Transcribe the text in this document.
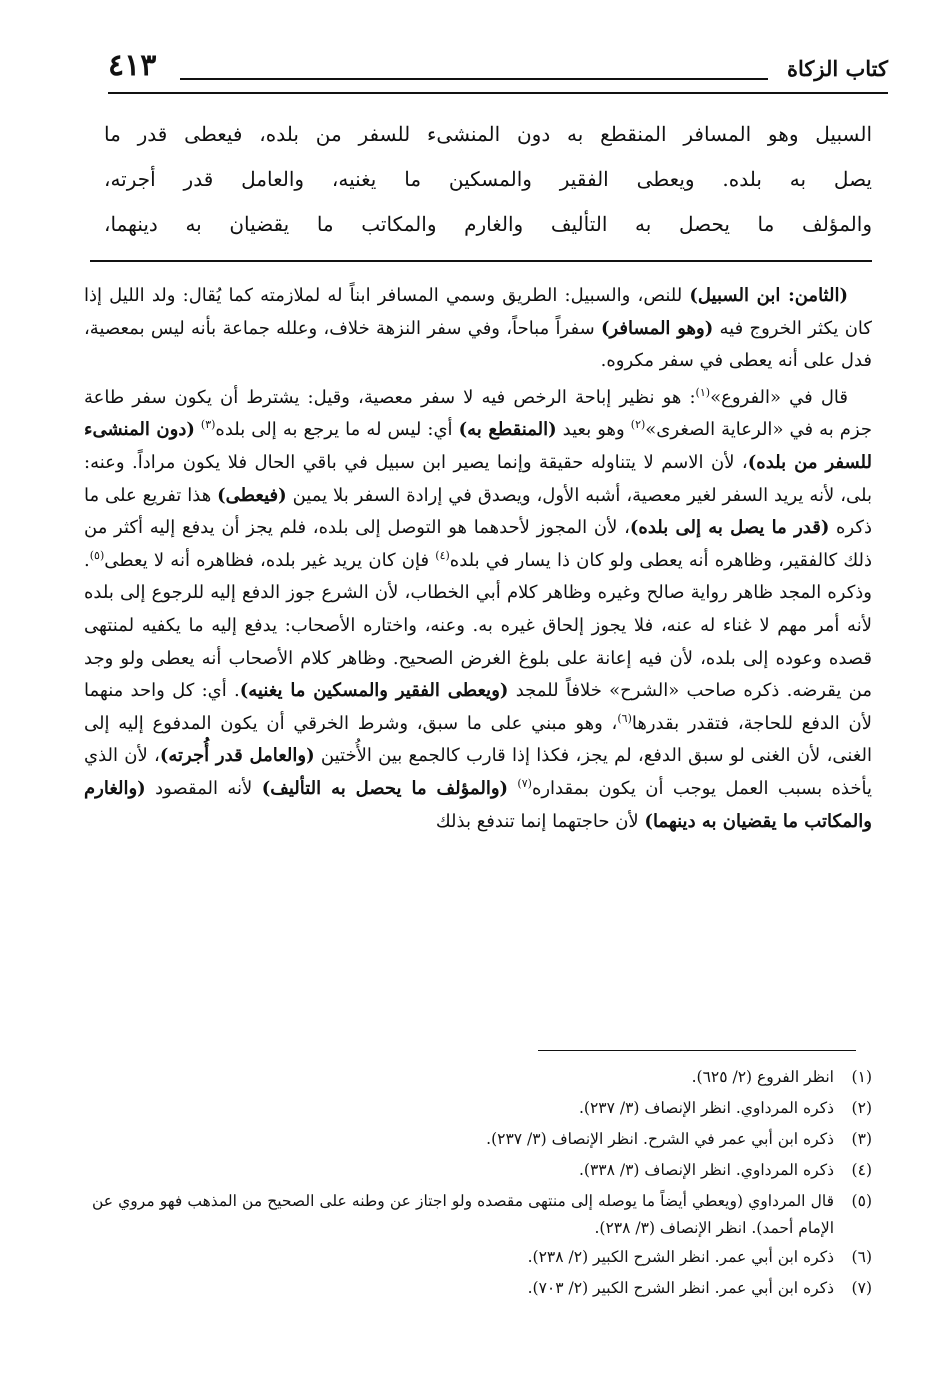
كتاب الزكاة
٤١٣
السبيل وهو المسافر المنقطع به دون المنشىء للسفر من بلده، فيعطى قدر ما
يصل به بلده. ويعطى الفقير والمسكين ما يغنيه، والعامل قدر أجرته،
والمؤلف ما يحصل به التأليف والغارم والمكاتب ما يقضيان به دينهما،

(الثامن: ابن السبيل) للنص، والسبيل: الطريق وسمي المسافر ابناً له لملازمته كما يُقال: ولد الليل إذا كان يكثر الخروج فيه (وهو المسافر) سفراً مباحاً، وفي سفر النزهة خلاف، وعلله جماعة بأنه ليس بمعصية، فدل على أنه يعطى في سفر مكروه.

قال في «الفروع»$^{(١)}$: هو نظير إباحة الرخص فيه لا سفر معصية، وقيل: يشترط أن يكون سفر طاعة جزم به في «الرعاية الصغرى»$^{(٢)}$ وهو بعيد (المنقطع به) أي: ليس له ما يرجع به إلى بلده$^{(٣)}$ (دون المنشىء للسفر من بلده)، لأن الاسم لا يتناوله حقيقة وإنما يصير ابن سبيل في باقي الحال فلا يكون مراداً. وعنه: بلى، لأنه يريد السفر لغير معصية، أشبه الأول، ويصدق في إرادة السفر بلا يمين (فيعطى) هذا تفريع على ما ذكره (قدر ما يصل به إلى بلده)، لأن المجوز لأحدهما هو التوصل إلى بلده، فلم يجز أن يدفع إليه أكثر من ذلك كالفقير، وظاهره أنه يعطى ولو كان ذا يسار في بلده$^{(٤)}$ فإن كان يريد غير بلده، فظاهره أنه لا يعطى$^{(٥)}$. وذكره المجد ظاهر رواية صالح وغيره وظاهر كلام أبي الخطاب، لأن الشرع جوز الدفع إليه للرجوع إلى بلده لأنه أمر مهم لا غناء له عنه، فلا يجوز إلحاق غيره به. وعنه، واختاره الأصحاب: يدفع إليه ما يكفيه لمنتهى قصده وعوده إلى بلده، لأن فيه إعانة على بلوغ الغرض الصحيح. وظاهر كلام الأصحاب أنه يعطى ولو وجد من يقرضه. ذكره صاحب «الشرح» خلافاً للمجد (ويعطى الفقير والمسكين ما يغنيه). أي: كل واحد منهما لأن الدفع للحاجة، فتقدر بقدرها$^{(٦)}$، وهو مبني على ما سبق، وشرط الخرقي أن يكون المدفوع إليه إلى الغنى، لأن الغنى لو سبق الدفع، لم يجز، فكذا إذا قارب كالجمع بين الأُختين (والعامل قدر أُجرته)، لأن الذي يأخذه بسبب العمل يوجب أن يكون بمقداره$^{(٧)}$ (والمؤلف ما يحصل به التأليف) لأنه المقصود (والغارم والمكاتب ما يقضيان به دينهما) لأن حاجتهما إنما تندفع بذلك

(١)
انظر الفروع (٢/ ٦٢٥).
(٢)
ذكره المرداوي. انظر الإنصاف (٣/ ٢٣٧).
(٣)
ذكره ابن أبي عمر في الشرح. انظر الإنصاف (٣/ ٢٣٧).
(٤)
ذكره المرداوي. انظر الإنصاف (٣/ ٣٣٨).
(٥)
قال المرداوي (ويعطي أيضاً ما يوصله إلى منتهى مقصده ولو اجتاز عن وطنه على الصحيح من المذهب فهو مروي عن الإمام أحمد). انظر الإنصاف (٣/ ٢٣٨).
(٦)
ذكره ابن أبي عمر. انظر الشرح الكبير (٢/ ٢٣٨).
(٧)
ذكره ابن أبي عمر. انظر الشرح الكبير (٢/ ٧٠٣).
